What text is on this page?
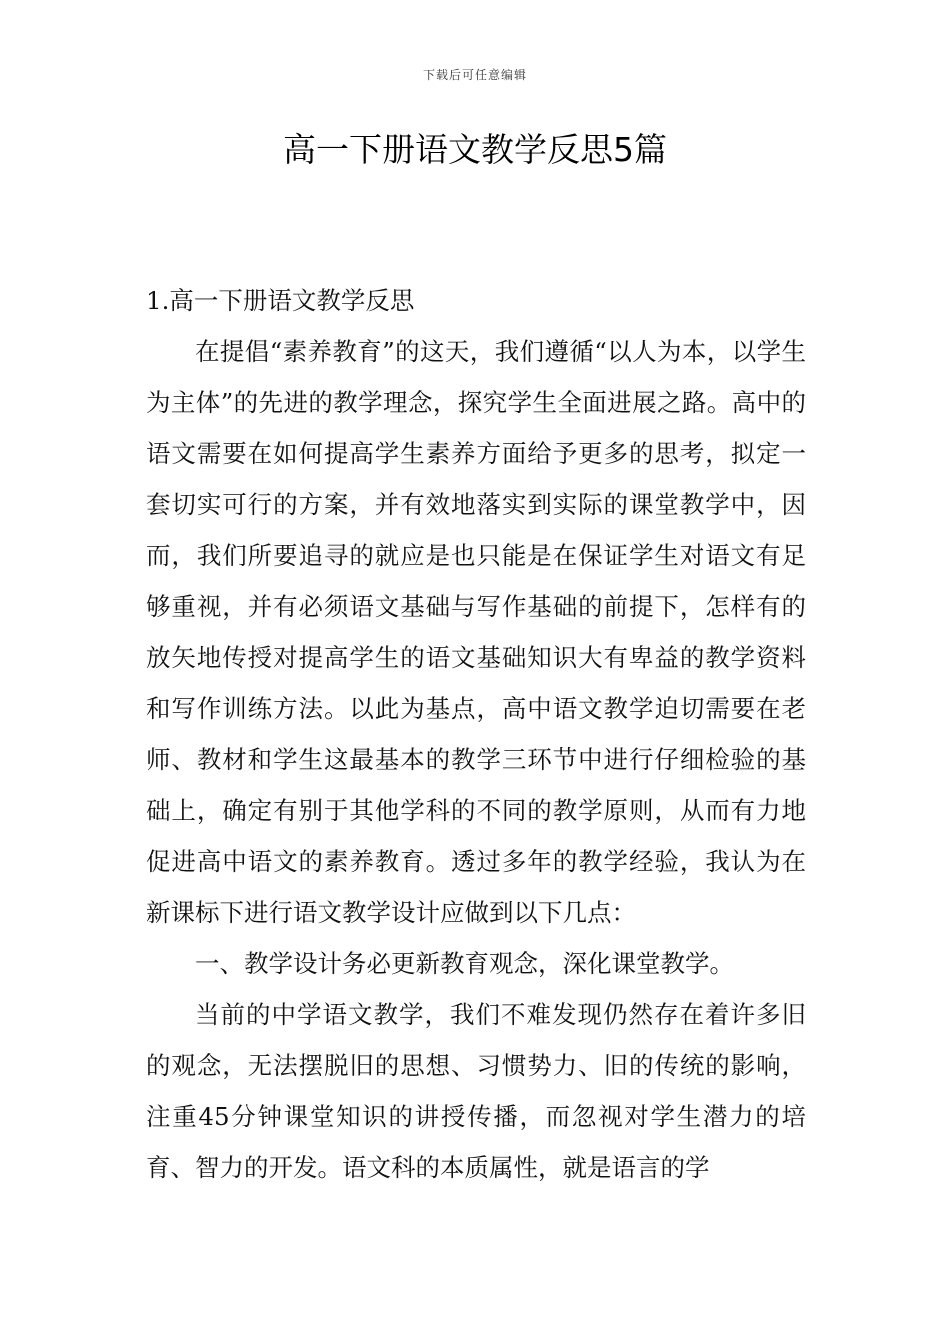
下载后可任意编辑
高一下册语文教学反思5篇
1.高一下册语文教学反思

在提倡“素养教育”的这天，我们遵循“以人为本，以学生为主体”的先进的教学理念，探究学生全面进展之路。高中的语文需要在如何提高学生素养方面给予更多的思考，拟定一套切实可行的方案，并有效地落实到实际的课堂教学中，因而，我们所要追寻的就应是也只能是在保证学生对语文有足够重视，并有必须语文基础与写作基础的前提下，怎样有的放矢地传授对提高学生的语文基础知识大有卑益的教学资料和写作训练方法。以此为基点，高中语文教学迫切需要在老师、教材和学生这最基本的教学三环节中进行仔细检验的基础上，确定有别于其他学科的不同的教学原则，从而有力地促进高中语文的素养教育。透过多年的教学经验，我认为在新课标下进行语文教学设计应做到以下几点：

一、教学设计务必更新教育观念，深化课堂教学。

当前的中学语文教学，我们不难发现仍然存在着许多旧的观念，无法摆脱旧的思想、习惯势力、旧的传统的影响，注重45分钟课堂知识的讲授传播，而忽视对学生潜力的培育、智力的开发。语文科的本质属性，就是语言的学
